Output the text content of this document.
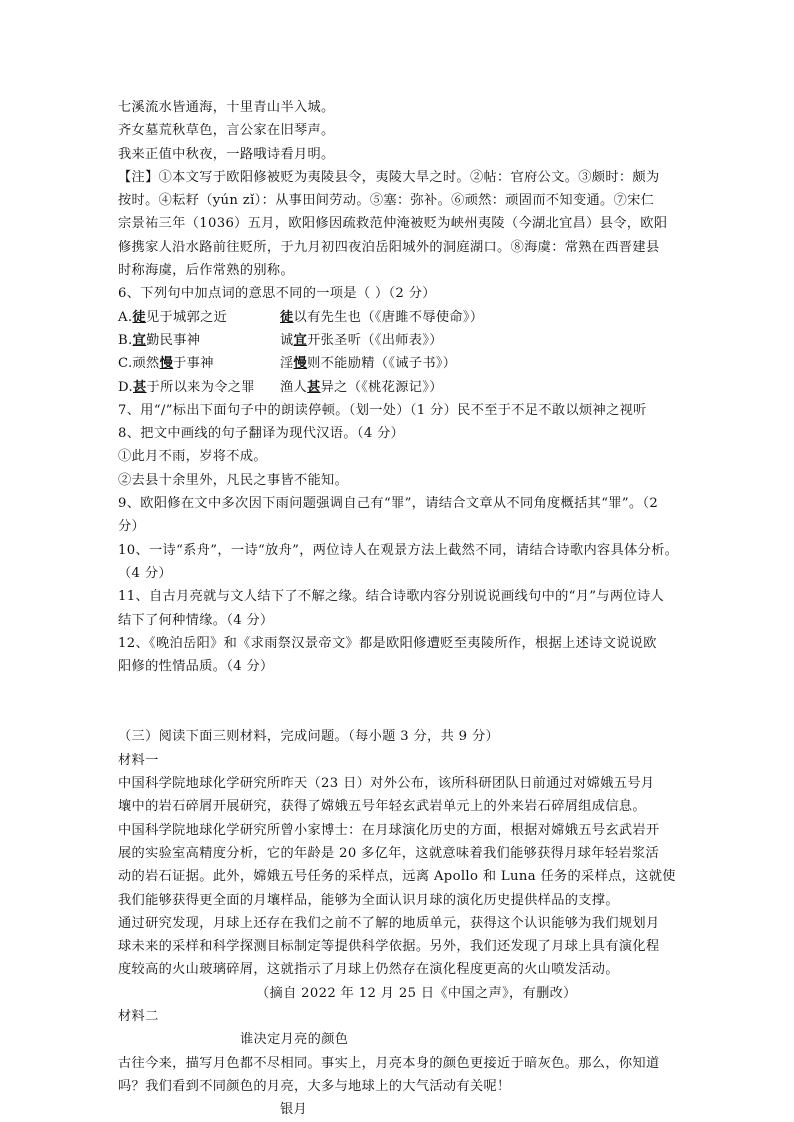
七溪流水皆通海，十里青山半入城。
齐女墓荒秋草色，言公家在旧琴声。
我来正值中秋夜，一路哦诗看月明。
【注】①本文写于欧阳修被贬为夷陵县令，夷陵大旱之时。②帖：官府公文。③颇时：颇为
按时。④耘耔（yún zǐ）：从事田间劳动。⑤塞：弥补。⑥顽然：顽固而不知变通。⑦宋仁
宗景祐三年（1036）五月，欧阳修因疏救范仲淹被贬为峡州夷陵（今湖北宜昌）县令，欧阳
修携家人沿水路前往贬所，于九月初四夜泊岳阳城外的洞庭湖口。⑧海虞：常熟在西晋建县
时称海虞，后作常熟的别称。
6、下列句中加点词的意思不同的一项是（ ）（2 分）
A.徒见于城郭之近	徒以有先生也（《唐雎不辱使命》）
B.宜勤民事神	诚宜开张圣听（《出师表》）
C.顽然慢于事神	淫慢则不能励精（《诫子书》）
D.甚于所以来为令之罪	渔人甚异之（《桃花源记》）
7、用“/”标出下面句子中的朗读停顿。（划一处）（1 分）民不至于不足不敢以烦神之视听
8、把文中画线的句子翻译为现代汉语。（4 分）
①此月不雨，岁将不成。
②去县十余里外，凡民之事皆不能知。
9、欧阳修在文中多次因下雨问题强调自己有“罪”，请结合文章从不同角度概括其“罪”。（2
分）
10、一诗“系舟”，一诗“放舟”，两位诗人在观景方法上截然不同，请结合诗歌内容具体分析。
（4 分）
11、自古月亮就与文人结下了不解之缘。结合诗歌内容分别说说画线句中的“月”与两位诗人
结下了何种情缘。（4 分）
12、《晚泊岳阳》和《求雨祭汉景帝文》都是欧阳修遭贬至夷陵所作，根据上述诗文说说欧
阳修的性情品质。（4 分）
（三）阅读下面三则材料，完成问题。（每小题 3 分，共 9 分）
材料一
中国科学院地球化学研究所昨天（23 日）对外公布，该所科研团队日前通过对嫦娥五号月
壤中的岩石碎屑开展研究，获得了嫦娥五号年轻玄武岩单元上的外来岩石碎屑组成信息。
中国科学院地球化学研究所曾小家博士：在月球演化历史的方面，根据对嫦娥五号玄武岩开
展的实验室高精度分析，它的年龄是 20 多亿年，这就意味着我们能够获得月球年轻岩浆活
动的岩石证据。此外，嫦娥五号任务的采样点，远离 Apollo 和 Luna 任务的采样点，这就使
我们能够获得更全面的月壤样品，能够为全面认识月球的演化历史提供样品的支撑。
通过研究发现，月球上还存在我们之前不了解的地质单元，获得这个认识能够为我们规划月
球未来的采样和科学探测目标制定等提供科学依据。另外，我们还发现了月球上具有演化程
度较高的火山玻璃碎屑，这就指示了月球上仍然存在演化程度更高的火山喷发活动。
（摘自 2022 年 12 月 25 日《中国之声》，有删改）
材料二
谁决定月亮的颜色
古往今来，描写月色都不尽相同。事实上，月亮本身的颜色更接近于暗灰色。那么，你知道
吗？我们看到不同颜色的月亮，大多与地球上的大气活动有关呢！
银月
